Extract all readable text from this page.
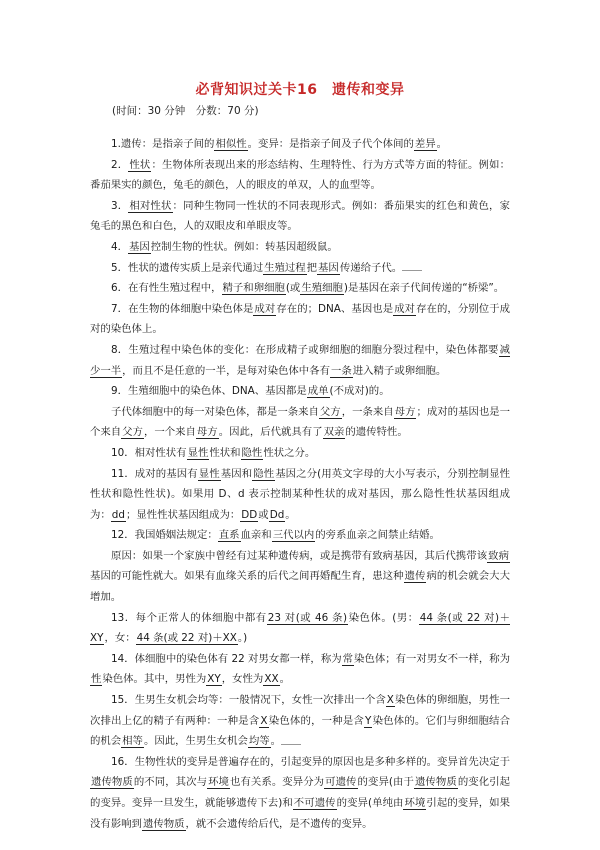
必背知识过关卡16　遗传和变异
(时间：30 分钟　分数：70 分)

1.遗传：是指亲子间的相似性。变异：是指亲子间及子代个体间的差异。

2．性状：生物体所表现出来的形态结构、生理特性、行为方式等方面的特征。例如：番茄果实的颜色，兔毛的颜色，人的眼皮的单双，人的血型等。

3．相对性状：同种生物同一性状的不同表现形式。例如：番茄果实的红色和黄色，家兔毛的黑色和白色，人的双眼皮和单眼皮等。

4．基因控制生物的性状。例如：转基因超级鼠。

5．性状的遗传实质上是亲代通过生殖过程把基因传递给子代。

6．在有性生殖过程中，精子和卵细胞(或生殖细胞)是基因在亲子代间传递的“桥梁”。

7．在生物的体细胞中染色体是成对存在的；DNA、基因也是成对存在的，分别位于成对的染色体上。

8．生殖过程中染色体的变化：在形成精子或卵细胞的细胞分裂过程中，染色体都要减少一半，而且不是任意的一半，是每对染色体中各有一条进入精子或卵细胞。

9．生殖细胞中的染色体、DNA、基因都是成单(不成对)的。

子代体细胞中的每一对染色体，都是一条来自父方，一条来自母方；成对的基因也是一个来自父方，一个来自母方。因此，后代就具有了双亲的遗传特性。

10．相对性状有显性性状和隐性性状之分。

11．成对的基因有显性基因和隐性基因之分(用英文字母的大小写表示，分别控制显性性状和隐性性状)。如果用 D、d 表示控制某种性状的成对基因，那么隐性性状基因组成为：dd；显性性状基因组成为：DD或Dd。

12．我国婚姻法规定：直系血亲和三代以内的旁系血亲之间禁止结婚。

原因：如果一个家族中曾经有过某种遗传病，或是携带有致病基因，其后代携带该致病基因的可能性就大。如果有血缘关系的后代之间再婚配生育，患这种遗传病的机会就会大大增加。

13．每个正常人的体细胞中都有23 对(或 46 条)染色体。(男：44 条(或 22 对)＋XY，女：44 条(或 22 对)＋XX。)

14．体细胞中的染色体有 22 对男女都一样，称为常染色体；有一对男女不一样，称为性染色体。其中，男性为XY，女性为XX。

15．生男生女机会均等：一般情况下，女性一次排出一个含X染色体的卵细胞，男性一次排出上亿的精子有两种：一种是含X染色体的，一种是含Y染色体的。它们与卵细胞结合的机会相等。因此，生男生女机会均等。

16．生物性状的变异是普遍存在的，引起变异的原因也是多种多样的。变异首先决定于遗传物质的不同，其次与环境也有关系。变异分为可遗传的变异(由于遗传物质的变化引起的变异。变异一旦发生，就能够遗传下去)和不可遗传的变异(单纯由环境引起的变异，如果没有影响到遗传物质，就不会遗传给后代，是不遗传的变异。
